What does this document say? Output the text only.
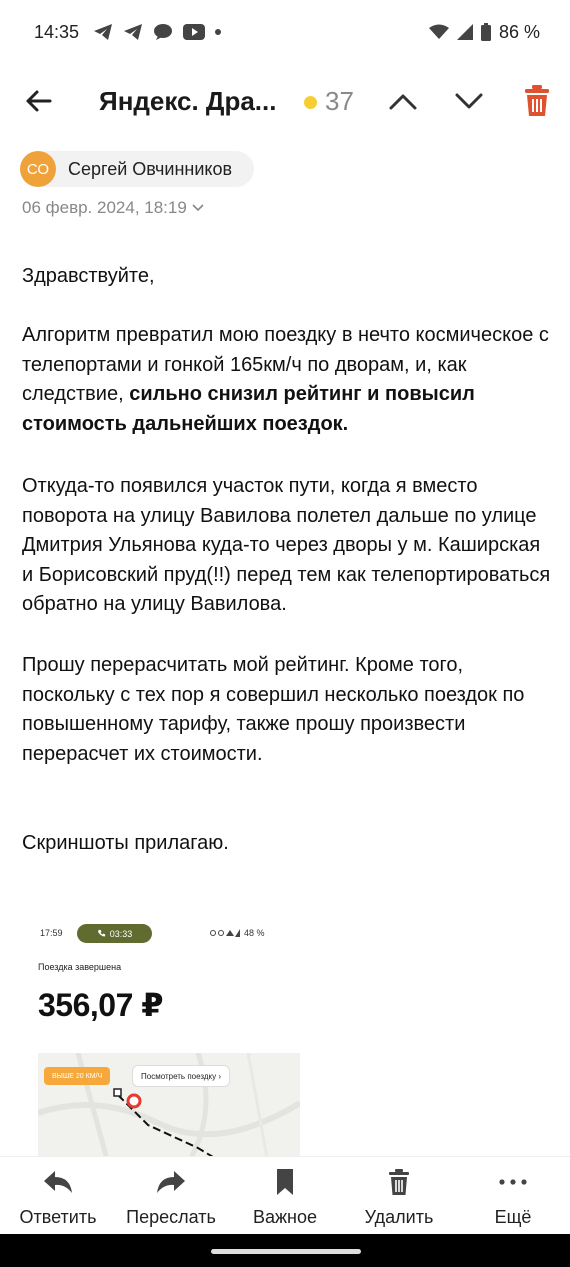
14:35	86 %
Яндекс. Дра... 37
СО	Сергей Овчинников
06 февр. 2024, 18:19

Здравствуйте,

Алгоритм превратил мою поездку в нечто космическое с телепортами и гонкой 165км/ч по дворам, и, как следствие, сильно снизил рейтинг и повысил стоимость дальнейших поездок.

Откуда-то появился участок пути, когда я вместо поворота на улицу Вавилова полетел дальше по улице Дмитрия Ульянова куда-то через дворы у м. Каширская и Борисовский пруд(!!) перед тем как телепортироваться обратно на улицу Вавилова.

Прошу перерасчитать мой рейтинг. Кроме того, поскольку с тех пор я совершил несколько поездок по повышенному тарифу, также прошу произвести перерасчет их стоимости.

Скриншоты прилагаю.

17:59	03:33	48 %
Поездка завершена
356,07 ₽
ВЫШЕ 20 КМ/Ч	Посмотреть поездку ›
Ответить	Переслать Важное	Удалить	Ещё
